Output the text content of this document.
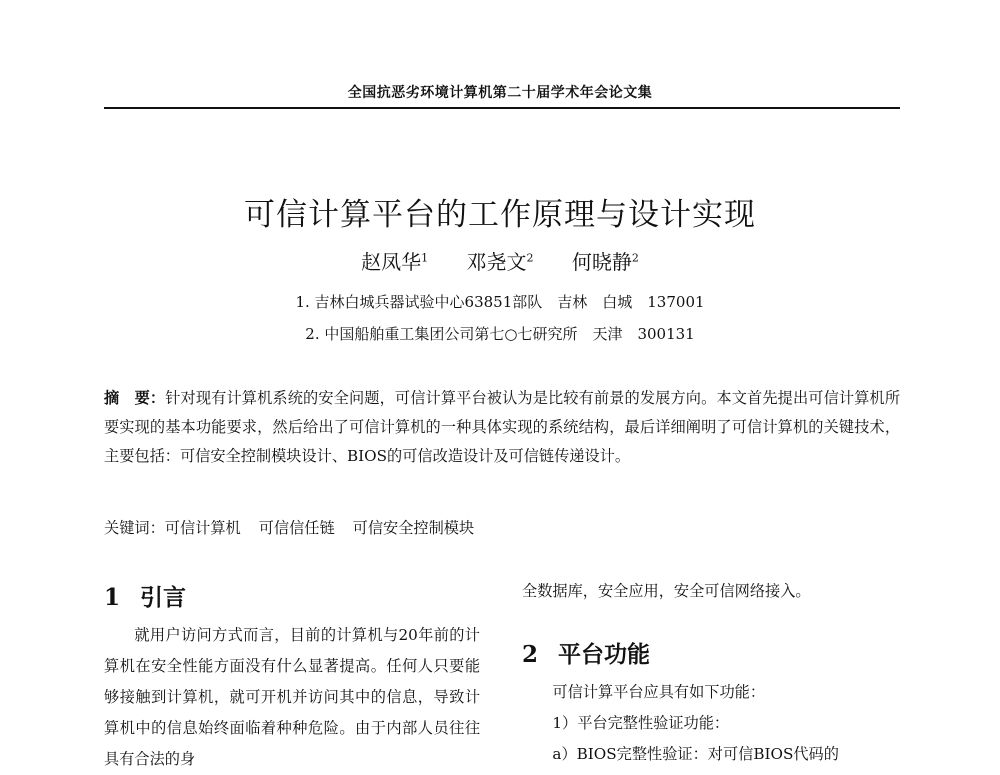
全国抗恶劣环境计算机第二十届学术年会论文集
可信计算平台的工作原理与设计实现
赵凤华$^1$ 邓尧文$^2$ 何晓静$^2$
1. 吉林白城兵器试验中心63851部队　吉林　白城　137001
2. 中国船舶重工集团公司第七○七研究所　天津　300131
摘　要：针对现有计算机系统的安全问题，可信计算平台被认为是比较有前景的发展方向。本文首先提出可信计算机所要实现的基本功能要求，然后给出了可信计算机的一种具体实现的系统结构，最后详细阐明了可信计算机的关键技术，主要包括：可信安全控制模块设计、BIOS的可信改造设计及可信链传递设计。
关键词：可信计算机 可信信任链 可信安全控制模块
1 引言

就用户访问方式而言，目前的计算机与20年前的计算机在安全性能方面没有什么显著提高。任何人只要能够接触到计算机，就可开机并访问其中的信息，导致计算机中的信息始终面临着种种危险。由于内部人员往往具有合法的身

全数据库，安全应用，安全可信网络接入。

2 平台功能

可信计算平台应具有如下功能：

1）平台完整性验证功能：

a）BIOS完整性验证：对可信BIOS代码的
